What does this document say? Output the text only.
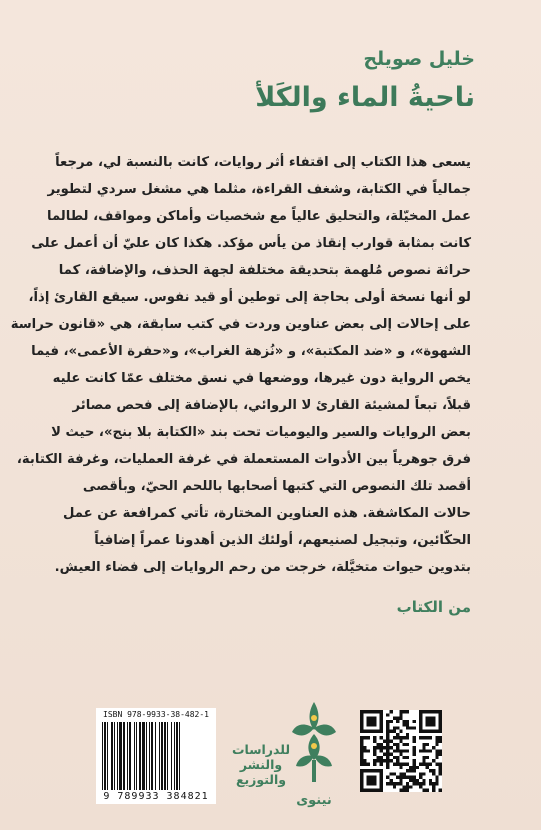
خليل صويلح
ناحيةُ الماء والكَلأ
يسعى هذا الكتاب إلى اقتفاء أثر روايات، كانت بالنسبة لي، مرجعاً
جمالياً في الكتابة، وشغف القراءة، مثلما هي مشغل سردي لتطوير
عمل المخيّلة، والتحليق عالياً مع شخصيات وأماكن ومواقف، لطالما
كانت بمثابة قوارب إنقاذ من يأس مؤكد. هكذا كان عليّ أن أعمل على
حراثة نصوص مُلهمة بتحديقة مختلفة لجهة الحذف، والإضافة، كما
لو أنها نسخة أولى بحاجة إلى توطين أو قيد نفوس. سيقع القارئ إذاً،
على إحالات إلى بعض عناوين وردت في كتب سابقة، هي «قانون حراسة
الشهوة»، و «ضد المكتبة»، و «نُزهة الغراب»، و«حفرة الأعمى»، فيما
يخص الرواية دون غيرها، ووضعها في نسق مختلف عمّا كانت عليه
قبلاً، تبعاً لمشيئة القارئ لا الروائي، بالإضافة إلى فحص مصائر
بعض الروايات والسير واليوميات تحت بند «الكتابة بلا بنج»، حيث لا
فرق جوهرياً بين الأدوات المستعملة في غرفة العمليات، وغرفة الكتابة،
أقصد تلك النصوص التي كتبها أصحابها باللحم الحيّ، وبأقصى
حالات المكاشفة. هذه العناوين المختارة، تأتي كمرافعة عن عمل
الحكّائين، وتبجيل لصنيعهم، أولئك الذين أهدونا عمراً إضافياً
بتدوين حيوات متخيَّلة، خرجت من رحم الروايات إلى فضاء العيش.
من الكتاب
ISBN 978-9933-38-482-1
9 789933 384821
للدراسات
والنشر
والتوزيع
نينوى
